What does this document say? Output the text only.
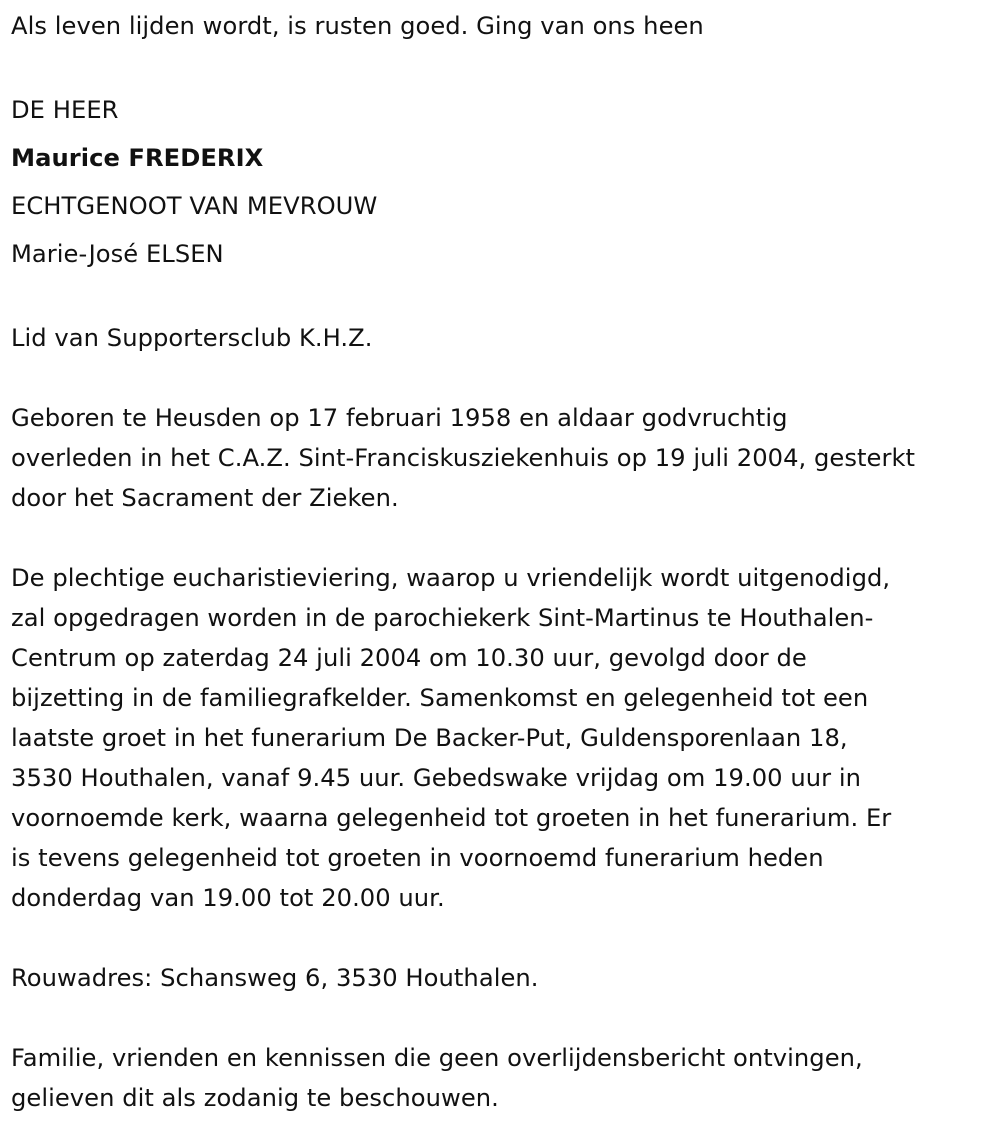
Als leven lijden wordt, is rusten goed. Ging van ons heen

DE HEER

Maurice FREDERIX

ECHTGENOOT VAN MEVROUW

Marie-José ELSEN

Lid van Supportersclub K.H.Z.

Geboren te Heusden op 17 februari 1958 en aldaar godvruchtig

overleden in het C.A.Z. Sint-Franciskusziekenhuis op 19 juli 2004, gesterkt

door het Sacrament der Zieken.

De plechtige eucharistieviering, waarop u vriendelijk wordt uitgenodigd,

zal opgedragen worden in de parochiekerk Sint-Martinus te Houthalen-

Centrum op zaterdag 24 juli 2004 om 10.30 uur, gevolgd door de

bijzetting in de familiegrafkelder. Samenkomst en gelegenheid tot een

laatste groet in het funerarium De Backer-Put, Guldensporenlaan 18,

3530 Houthalen, vanaf 9.45 uur. Gebedswake vrijdag om 19.00 uur in

voornoemde kerk, waarna gelegenheid tot groeten in het funerarium. Er

is tevens gelegenheid tot groeten in voornoemd funerarium heden

donderdag van 19.00 tot 20.00 uur.

Rouwadres: Schansweg 6, 3530 Houthalen.

Familie, vrienden en kennissen die geen overlijdensbericht ontvingen,

gelieven dit als zodanig te beschouwen.
